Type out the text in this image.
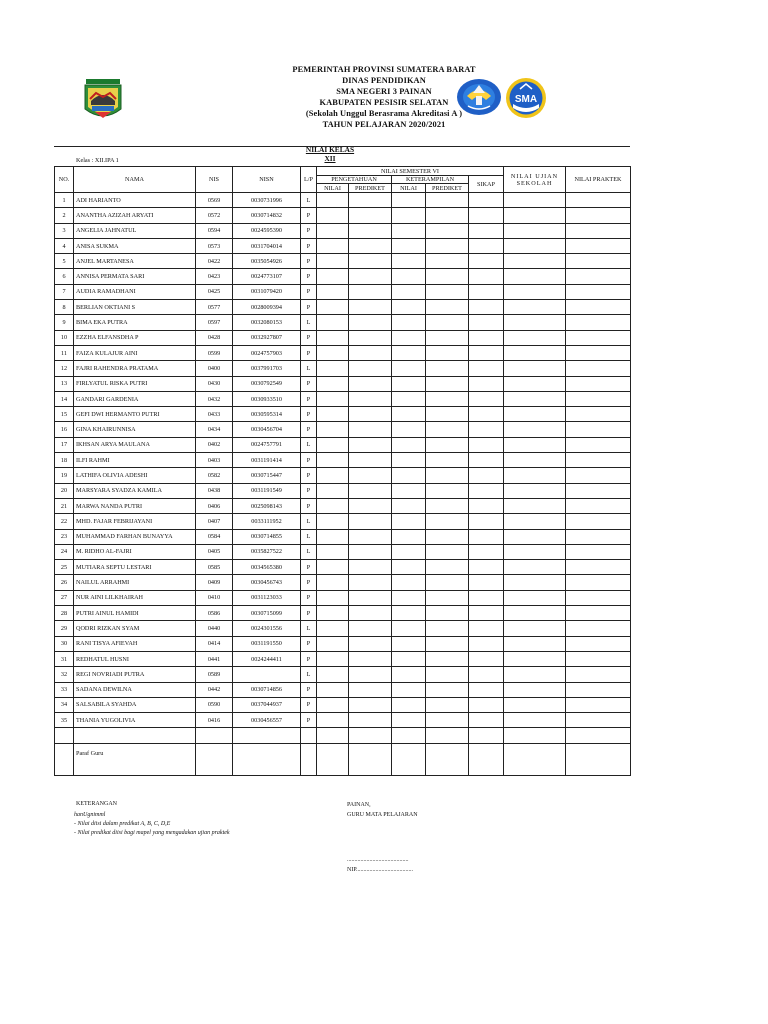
PEMERINTAH PROVINSI SUMATERA BARAT
DINAS PENDIDIKAN
SMA NEGERI 3 PAINAN
KABUPATEN PESISIR SELATAN
(Sekolah Unggul Berasrama Akreditasi A )
TAHUN PELAJARAN 2020/2021
SMA
NILAI KELAS XII
Kelas : XII.IPA 1
NO.	NAMA	NIS	NISN	L/P	NILAI SEMESTER VI					NILAI UJIAN SEKOLAH	NILAI PRAKTEK
					PENGETAHUAN		KETERAMPILAN		SIKAP		
					NILAI	PREDIKET	NILAI	PREDIKET			
1	ADI HARIANTO	0569	0030731996	L							
2	ANANTHA AZIZAH ARYATI	0572	0030714832	P							
3	ANGELIA JAHNATUL	0594	0024595390	P							
4	ANISA SUKMA	0573	0031704014	P							
5	ANJEL MARTANESA	0422	0035054926	P							
6	ANNISA PERMATA SARI	0423	0024773107	P							
7	AUDIA RAMADHANI	0425	0031079420	P							
8	BERLIAN OKTIANI S	0577	0028009394	P							
9	BIMA EKA PUTRA	0597	0032080153	L							
10	EZZHA ELFANSDHA P	0428	0032927807	P							
11	FAIZA KULAJUR AINI	0599	0024757903	P							
12	FAJRI RAHENDRA PRATAMA	0400	0037991703	L							
13	FIRLYATUL RISKA PUTRI	0430	0030792549	P							
14	GANDARI GARDENIA	0432	0030933510	P							
15	GEFI DWI HERMANTO PUTRI	0433	0030595314	P							
16	GINA KHAIRUNNISA	0434	0030456704	P							
17	IKHSAN ARYA MAULANA	0402	0024757791	L							
18	ILFI RAHMI	0403	0031191414	P							
19	LATHIFA OLIVIA ADESHI	0582	0030715447	P							
20	MARSYARA SYADZA KAMILA	0438	0031191549	P							
21	MARWA NANDA PUTRI	0406	0025098143	P							
22	MHD. FAJAR FEBRIJAYANI	0407	0033111952	L							
23	MUHAMMAD FARHAN BUNAYYA	0584	0030714855	L							
24	M. RIDHO AL-FAJRI	0405	0035827522	L							
25	MUTIARA SEPTU LESTARI	0585	0034565380	P							
26	NAILUL ARRAHMI	0409	0030456743	P							
27	NUR AINI LILKHAIRAH	0410	0031123033	P							
28	PUTRI AINUL HAMIDI	0586	0030715099	P							
29	QODRI RIZKAN SYAM	0440	0024301556	L							
30	RANI TISYA AFIEVAH	0414	0031191550	P							
31	REDHATUL HUSNI	0441	0024244411	P							
32	REGI NOVRIADI PUTRA	0589		L							
33	SADANA DEWILNA	0442	0030714856	P							
34	SALSABILA SYAHDA	0590	0037044937	P							
35	THANIA YUGOLIVIA	0416	0030456557	P							

	Paraf Guru										
KETERANGAN
hanUgnimml
- Nilai diisi dalam predikat A, B, C, D,E
- Nilai predikat diisi bagi mapel yang mengadakan ujian praktek
PAINAN,
GURU MATA PELAJARAN
.........................................
NIP......................................
